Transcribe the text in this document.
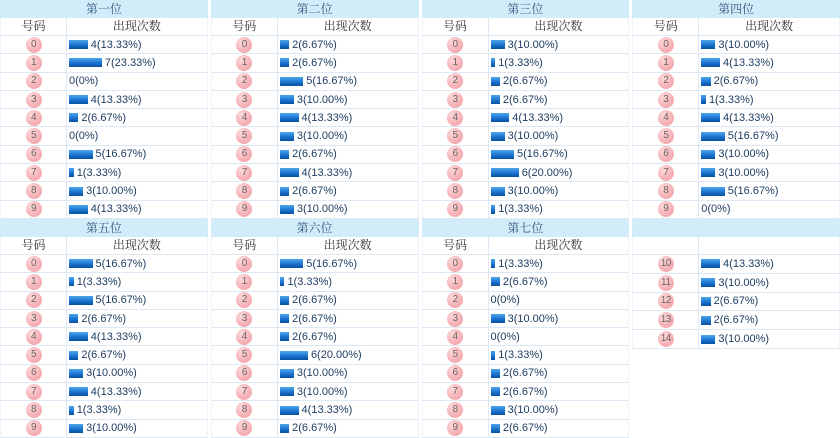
第一位
号码	出现次数
0	4(13.33%)
1	7(23.33%)
2	0(0%)
3	4(13.33%)
4	2(6.67%)
5	0(0%)
6	5(16.67%)
7	1(3.33%)
8	3(10.00%)
9	4(13.33%)
第二位
号码	出现次数
0	2(6.67%)
1	2(6.67%)
2	5(16.67%)
3	3(10.00%)
4	4(13.33%)
5	3(10.00%)
6	2(6.67%)
7	4(13.33%)
8	2(6.67%)
9	3(10.00%)
第三位
号码	出现次数
0	3(10.00%)
1	1(3.33%)
2	2(6.67%)
3	2(6.67%)
4	4(13.33%)
5	3(10.00%)
6	5(16.67%)
7	6(20.00%)
8	3(10.00%)
9	1(3.33%)
第四位
号码	出现次数
0	3(10.00%)
1	4(13.33%)
2	2(6.67%)
3	1(3.33%)
4	4(13.33%)
5	5(16.67%)
6	3(10.00%)
7	3(10.00%)
8	5(16.67%)
9	0(0%)
第五位
号码	出现次数
0	5(16.67%)
1	1(3.33%)
2	5(16.67%)
3	2(6.67%)
4	4(13.33%)
5	2(6.67%)
6	3(10.00%)
7	4(13.33%)
8	1(3.33%)
9	3(10.00%)
第六位
号码	出现次数
0	5(16.67%)
1	1(3.33%)
2	2(6.67%)
3	2(6.67%)
4	2(6.67%)
5	6(20.00%)
6	3(10.00%)
7	3(10.00%)
8	4(13.33%)
9	2(6.67%)
第七位
号码	出现次数
0	1(3.33%)
1	2(6.67%)
2	0(0%)
3	3(10.00%)
4	0(0%)
5	1(3.33%)
6	2(6.67%)
7	2(6.67%)
8	3(10.00%)
9	2(6.67%)
10	4(13.33%)
11	3(10.00%)
12	2(6.67%)
13	2(6.67%)
14	3(10.00%)
